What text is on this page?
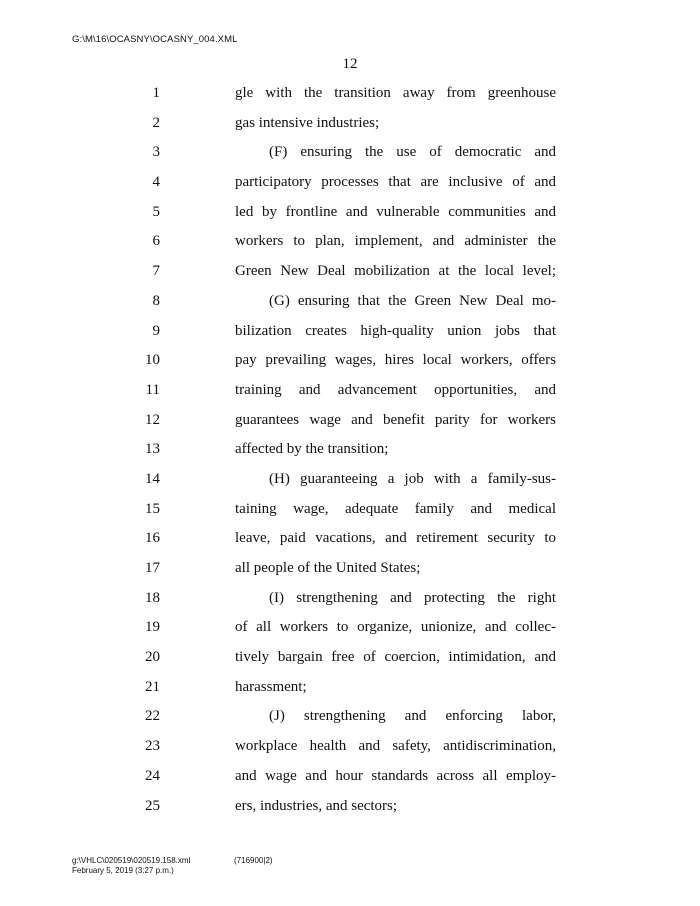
G:\M\16\OCASNY\OCASNY_004.XML
12
1	gle with the transition away from greenhouse
2	gas intensive industries;
3	(F) ensuring the use of democratic and
4	participatory processes that are inclusive of and
5	led by frontline and vulnerable communities and
6	workers to plan, implement, and administer the
7	Green New Deal mobilization at the local level;
8	(G) ensuring that the Green New Deal mo-
9	bilization creates high-quality union jobs that
10	pay prevailing wages, hires local workers, offers
11	training and advancement opportunities, and
12	guarantees wage and benefit parity for workers
13	affected by the transition;
14	(H) guaranteeing a job with a family-sus-
15	taining wage, adequate family and medical
16	leave, paid vacations, and retirement security to
17	all people of the United States;
18	(I) strengthening and protecting the right
19	of all workers to organize, unionize, and collec-
20	tively bargain free of coercion, intimidation, and
21	harassment;
22	(J) strengthening and enforcing labor,
23	workplace health and safety, antidiscrimination,
24	and wage and hour standards across all employ-
25	ers, industries, and sectors;
g:\VHLC\020519\020519.158.xml	(716900|2)
February 5, 2019 (3:27 p.m.)
